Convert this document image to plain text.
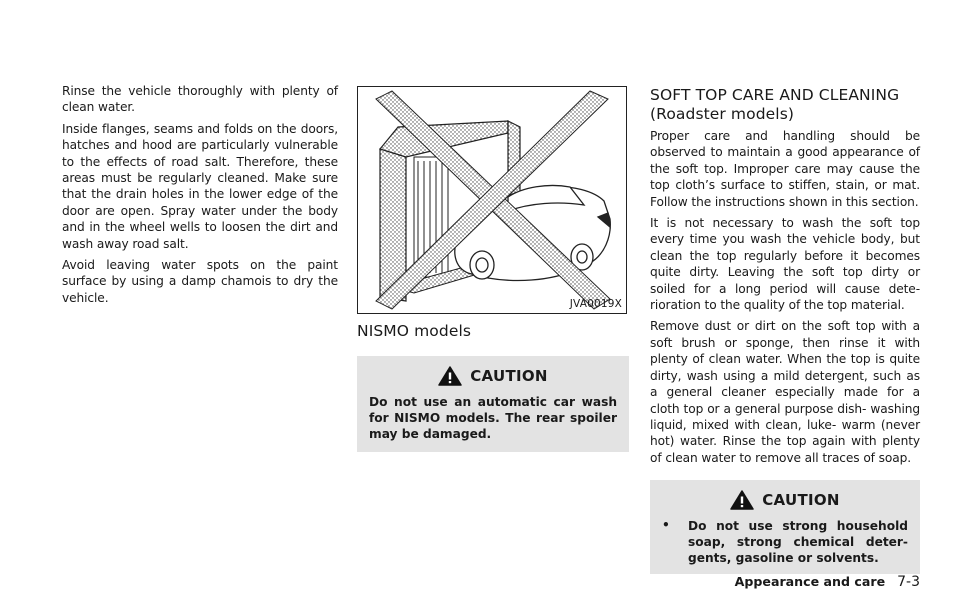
Rinse the vehicle thoroughly with plenty of clean water.

Inside flanges, seams and folds on the doors, hatches and hood are particularly vulnerable to the effects of road salt. Therefore, these areas must be regularly cleaned. Make sure that the drain holes in the lower edge of the door are open. Spray water under the body and in the wheel wells to loosen the dirt and wash away road salt.

Avoid leaving water spots on the paint surface by using a damp chamois to dry the vehicle.	JVA0019X
NISMO models
CAUTION
Do not use an automatic car wash for NISMO models. The rear spoiler may be damaged.
SOFT TOP CARE AND CLEANING
(Roadster models)

Proper care and handling should be observed to maintain a good appearance of the soft top. Improper care may cause the top cloth’s surface to stiffen, stain, or mat. Follow the instructions shown in this section.

It is not necessary to wash the soft top every time you wash the vehicle body, but clean the top regularly before it becomes quite dirty. Leaving the soft top dirty or soiled for a long period will cause dete- rioration to the quality of the top material.

Remove dust or dirt on the soft top with a soft brush or sponge, then rinse it with plenty of clean water. When the top is quite dirty, wash using a mild detergent, such as a general cleaner especially made for a cloth top or a general purpose dish- washing liquid, mixed with clean, luke- warm (never hot) water. Rinse the top again with plenty of clean water to remove all traces of soap.

CAUTION
•	Do not use strong household soap, strong chemical deter- gents, gasoline or solvents.
Appearance and care 7-3
